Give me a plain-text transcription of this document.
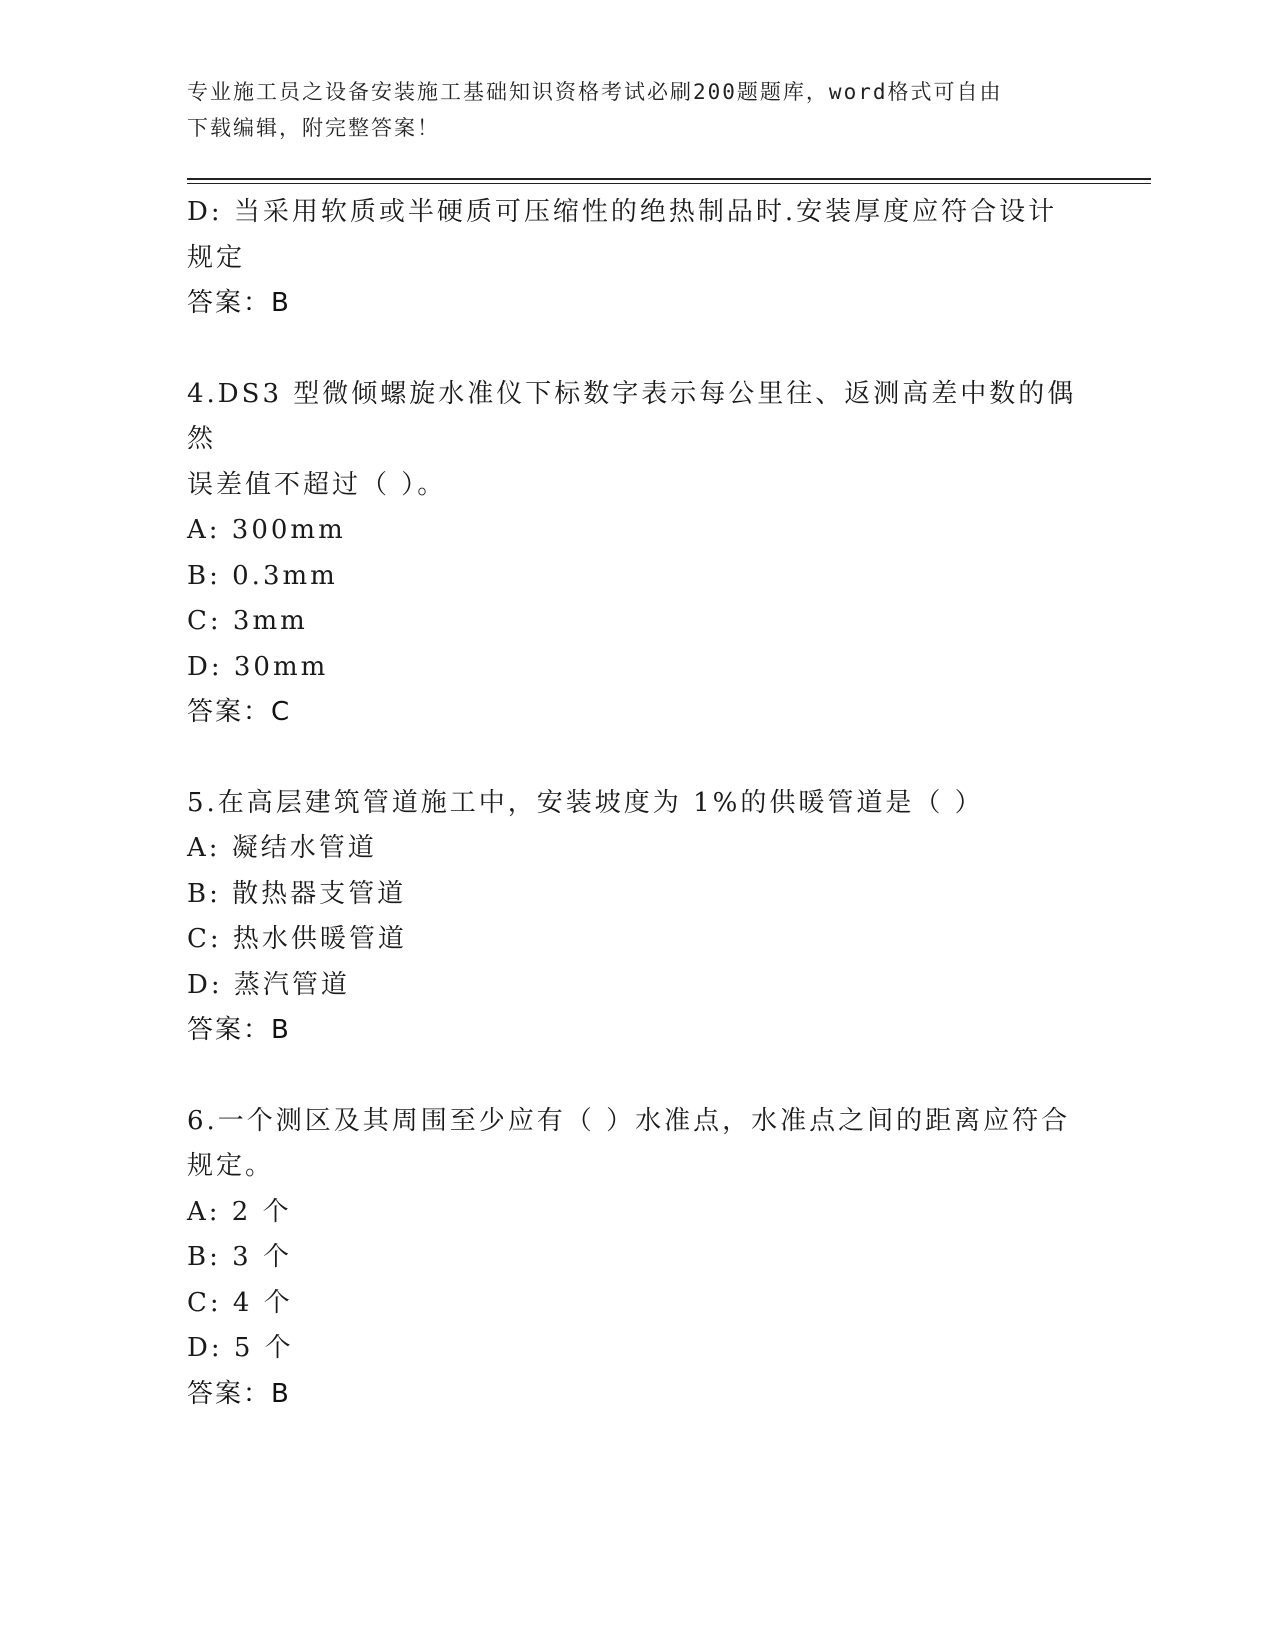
专业施工员之设备安装施工基础知识资格考试必刷200题题库，word格式可自由
下载编辑，附完整答案！
D: 当采用软质或半硬质可压缩性的绝热制品时.安装厚度应符合设计
规定
答案：B
4.DS3 型微倾螺旋水准仪下标数字表示每公里往、返测高差中数的偶然
误差值不超过（ ）。
A: 300mm
B: 0.3mm
C: 3mm
D: 30mm
答案：C
5.在高层建筑管道施工中，安装坡度为 1%的供暖管道是（ ）
A: 凝结水管道
B: 散热器支管道
C: 热水供暖管道
D: 蒸汽管道
答案：B
6.一个测区及其周围至少应有（ ）水准点，水准点之间的距离应符合
规定。
A: 2 个
B: 3 个
C: 4 个
D: 5 个
答案：B
